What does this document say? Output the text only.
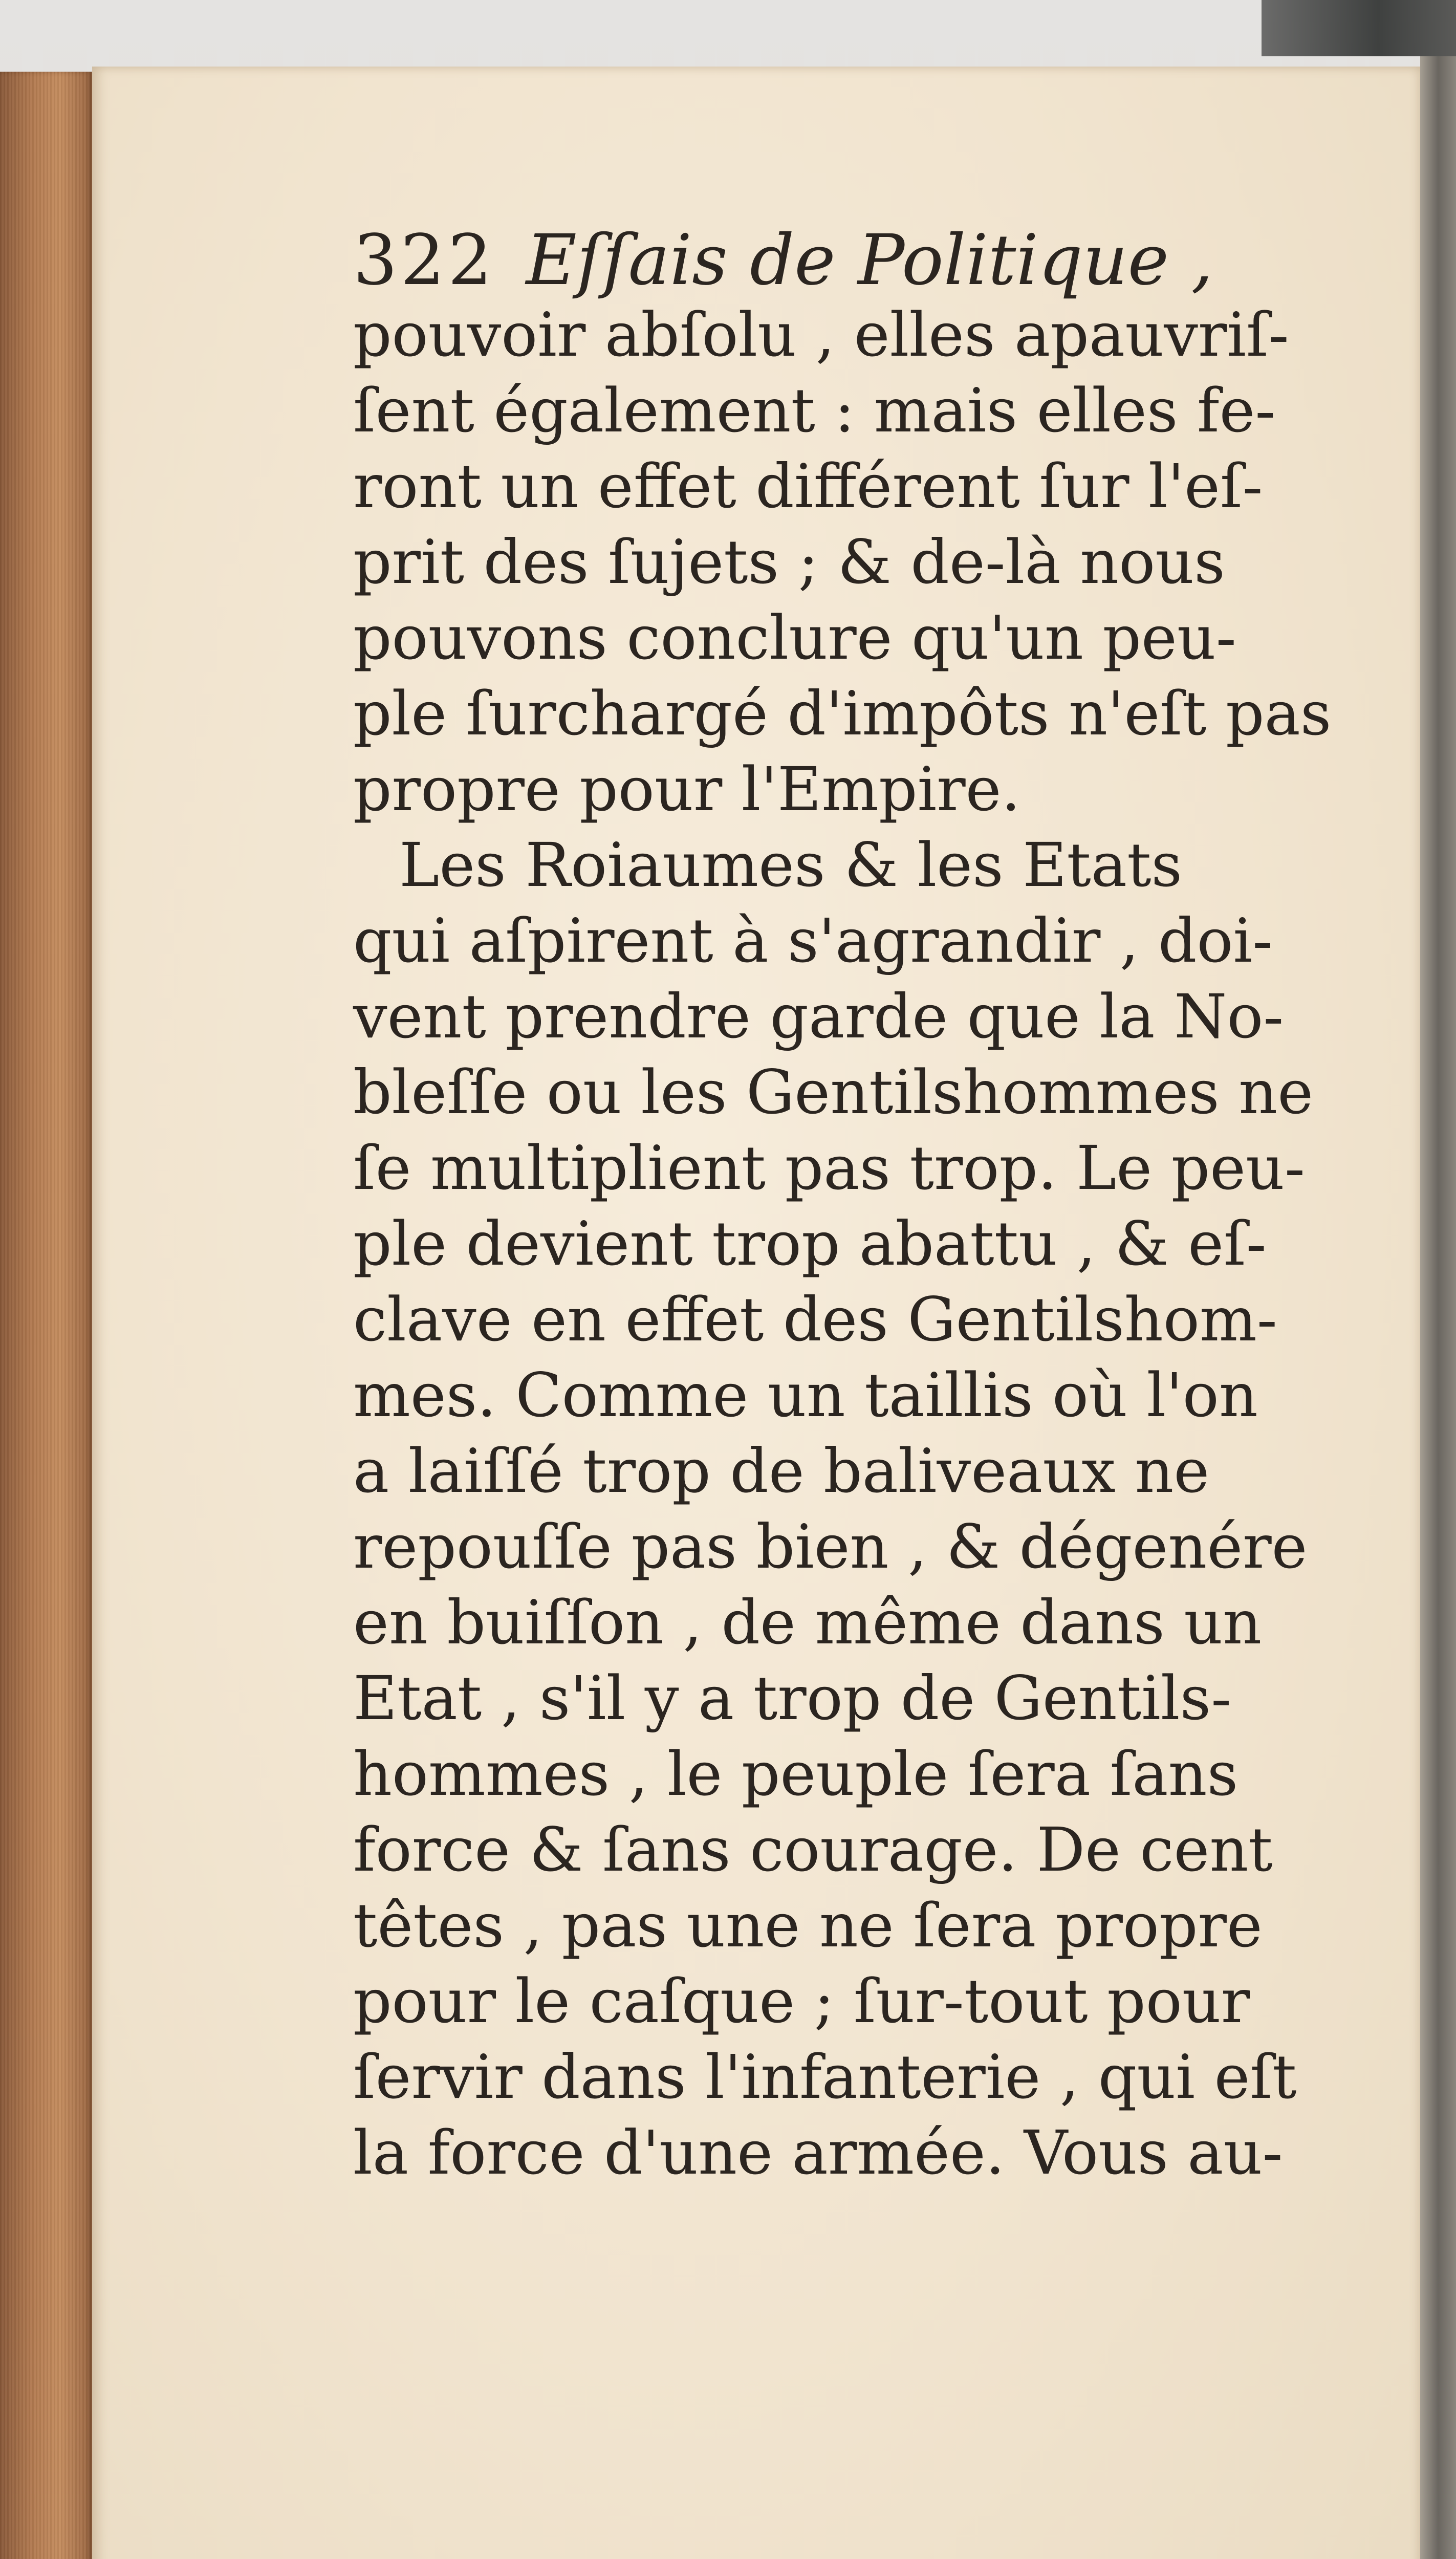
322 Eſſais de Politique ,
pouvoir abſolu , elles apauvriſ-
ſent également : mais elles fe-
ront un effet différent ſur l'eſ-
prit des ſujets ; & de-là nous
pouvons conclure qu'un peu-
ple ſurchargé d'impôts n'eſt pas
propre pour l'Empire.
Les Roiaumes & les Etats
qui aſpirent à s'agrandir , doi-
vent prendre garde que la No-
bleſſe ou les Gentilshommes ne
ſe multiplient pas trop. Le peu-
ple devient trop abattu , & eſ-
clave en effet des Gentilshom-
mes. Comme un taillis où l'on
a laiſſé trop de baliveaux ne
repouſſe pas bien , & dégenére
en buiſſon , de même dans un
Etat , s'il y a trop de Gentils-
hommes , le peuple ſera ſans
force & ſans courage. De cent
têtes , pas une ne ſera propre
pour le caſque ; ſur-tout pour
ſervir dans l'infanterie , qui eſt
la force d'une armée. Vous au-
